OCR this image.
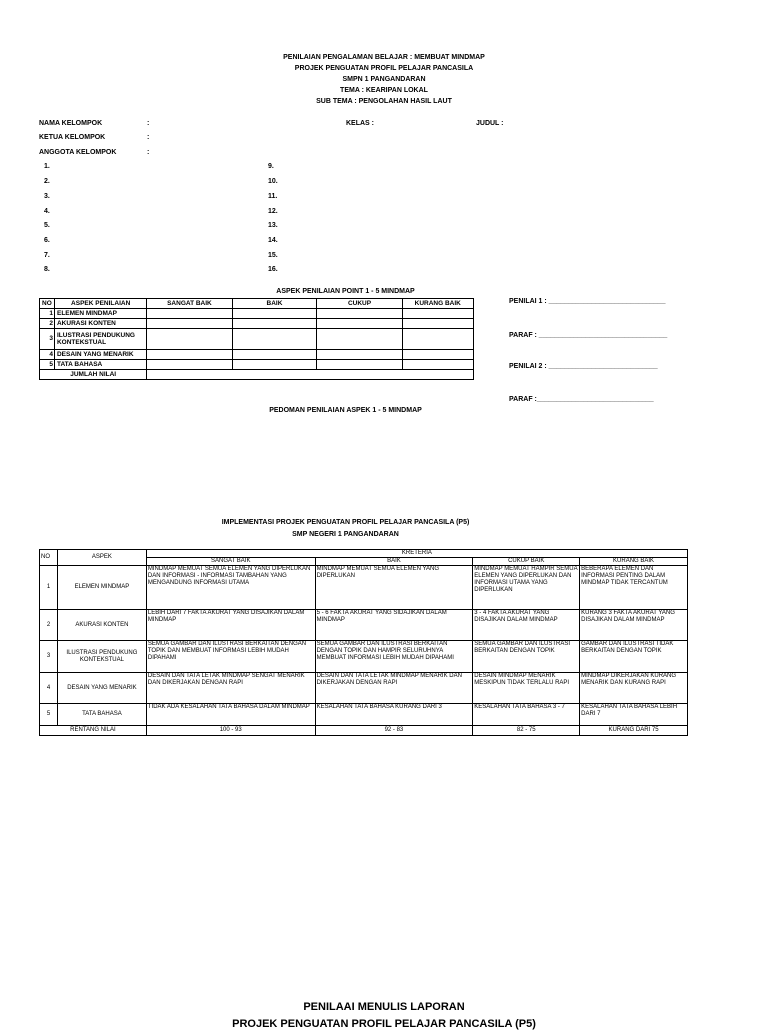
PENILAIAN PENGALAMAN BELAJAR : MEMBUAT MINDMAP
PROJEK PENGUATAN PROFIL PELAJAR PANCASILA
SMPN 1 PANGANDARAN
TEMA : KEARIPAN LOKAL
SUB TEMA : PENGOLAHAN HASIL LAUT
NAMA KELOMPOK	:	KELAS :	JUDUL :
KETUA KELOMPOK	:
ANGGOTA KELOMPOK	:
1.
2.
3.
4.
5.
6.
7.
8.
9.
10.
11.
12.
13.
14.
15.
16.
ASPEK PENILAIAN POINT 1 - 5 MINDMAP
NO	ASPEK PENILAIAN	SANGAT BAIK	BAIK	CUKUP	KURANG BAIK
1	ELEMEN MINDMAP				
2	AKURASI KONTEN				
3	ILUSTRASI PENDUKUNG KONTEKSTUAL				
4	DESAIN YANG MENARIK				
5	TATA BAHASA				
JUMLAH NILAI					
PENILAI 1 : ______________________________
PARAF : _________________________________
PENILAI 2 : ____________________________
PARAF :______________________________
PEDOMAN PENILAIAN ASPEK 1 - 5 MINDMAP
IMPLEMENTASI PROJEK PENGUATAN PROFIL PELAJAR PANCASILA (P5)
SMP NEGERI 1 PANGANDARAN
NO	ASPEK	KRETERIA			
		SANGAT BAIK	BAIK	CUKUP BAIK	KURANG BAIK
1	ELEMEN MINDMAP	MINDMAP MEMUAT SEMUA ELEMEN YANG DIPERLUKAN DAN INFORMASI - INFORMASI TAMBAHAN YANG MENGANDUNG INFORMASI UTAMA	MINDMAP MEMUAT SEMUA ELEMEN YANG DIPERLUKAN	MINDMAP MEMUAT HAMPIR SEMUA ELEMEN YANG DIPERLUKAN DAN INFORMASI UTAMA YANG DIPERLUKAN	BEBERAPA ELEMEN DAN INFORMASI PENTING DALAM MINDMAP TIDAK TERCANTUM
2	AKURASI KONTEN	LEBIH DARI 7 FAKTA AKURAT YANG DISAJIKAN DALAM MINDMAP	5 - 6 FAKTA AKURAT YANG SIDAJIKAN DALAM MINDMAP	3 - 4 FAKTA AKURAT YANG DISAJIKAN DALAM MINDMAP	KURANG 3 FAKTA AKURAT YANG DISAJIKAN DALAM MINDMAP
3	ILUSTRASI PENDUKUNG KONTEKSTUAL	SEMUA GAMBAR DAN ILUSTRASI BERKAITAN DENGAN TOPIK DAN MEMBUAT INFORMASI LEBIH MUDAH DIPAHAMI	SEMUA GAMBAR DAN ILUSTRASI BERKAITAN DENGAN TOPIK DAN HAMPIR SELURUHNYA MEMBUAT INFORMASI LEBIH MUDAH DIPAHAMI	SEMUA GAMBAR DAN ILUSTRASI BERKAITAN DENGAN TOPIK	GAMBAR DAN ILUSTRASI TIDAK BERKAITAN DENGAN TOPIK
4	DESAIN YANG MENARIK	DESAIN DAN TATA LETAK MINDMAP SENGAT MENARIK DAN DIKERJAKAN DENGAN RAPI	DESAIN DAN TATA LETAK MINDMAP MENARIK DAN DIKERJAKAN DENGAN RAPI	DESAIN MINDMAP MENARIK MESKIPUN TIDAK TERLALU RAPI	MINDMAP DIKERJAKAN KURANG MENARIK DAN KURANG RAPI
5	TATA BAHASA	TIDAK ADA KESALAHAN TATA BAHASA DALAM MINDMAP	KESALAHAN TATA BAHASA KURANG DARI 3	KESALAHAN TATA BAHASA 3 - 7	KESALAHAN TATA BAHASA LEBIH DARI 7
RENTANG NILAI		100 - 93	92 - 83	82 - 75	KURANG DARI 75
PENILAAI MENULIS LAPORAN
PROJEK PENGUATAN PROFIL PELAJAR PANCASILA (P5)
